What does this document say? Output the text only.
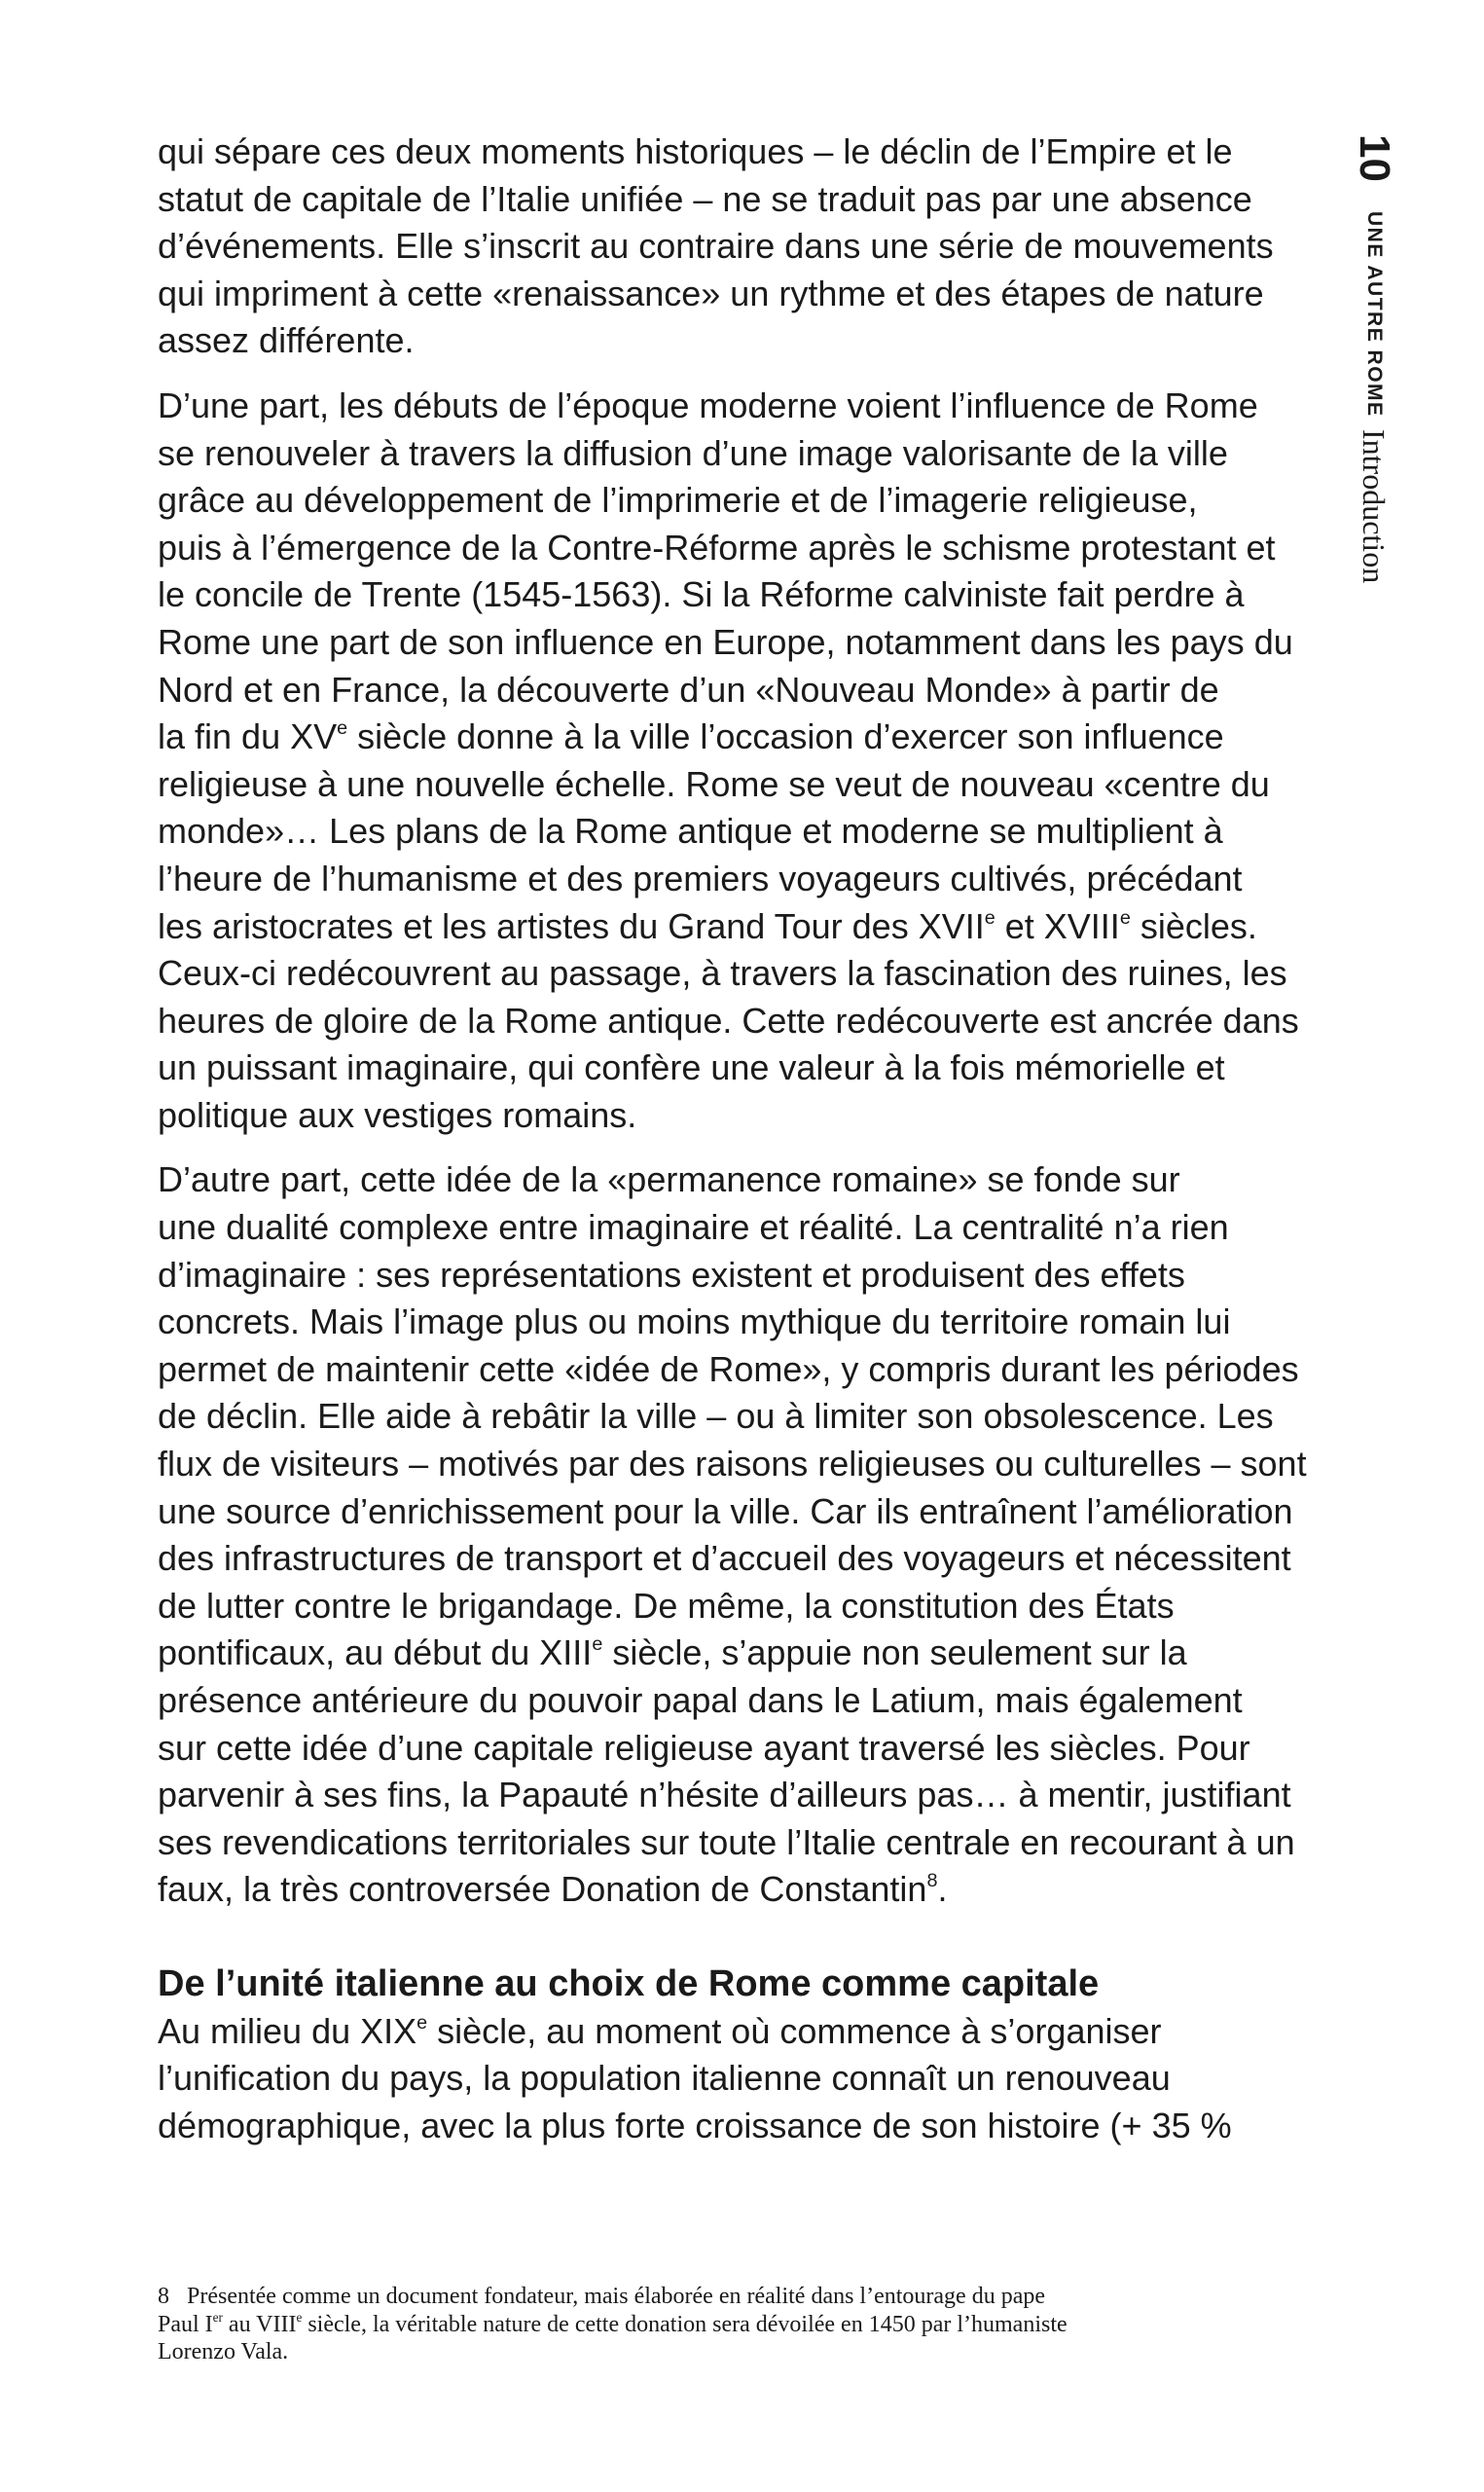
10UNE AUTRE ROMEIntroduction
qui sépare ces deux moments historiques – le déclin de l’Empire et le
statut de capitale de l’Italie unifiée – ne se traduit pas par une absence
d’événements. Elle s’inscrit au contraire dans une série de mouvements
qui impriment à cette «renaissance» un rythme et des étapes de nature
assez différente.
D’une part, les débuts de l’époque moderne voient l’influence de Rome
se renouveler à travers la diffusion d’une image valorisante de la ville
grâce au développement de l’imprimerie et de l’imagerie religieuse,
puis à l’émergence de la Contre-Réforme après le schisme protestant et
le concile de Trente (1545-1563). Si la Réforme calviniste fait perdre à
Rome une part de son influence en Europe, notamment dans les pays du
Nord et en France, la découverte d’un «Nouveau Monde» à partir de
la fin du XVe siècle donne à la ville l’occasion d’exercer son influence
religieuse à une nouvelle échelle. Rome se veut de nouveau «centre du
monde»… Les plans de la Rome antique et moderne se multiplient à
l’heure de l’humanisme et des premiers voyageurs cultivés, précédant
les aristocrates et les artistes du Grand Tour des XVIIe et XVIIIe siècles.
Ceux-ci redécouvrent au passage, à travers la fascination des ruines, les
heures de gloire de la Rome antique. Cette redécouverte est ancrée dans
un puissant imaginaire, qui confère une valeur à la fois mémorielle et
politique aux vestiges romains.
D’autre part, cette idée de la «permanence romaine» se fonde sur
une dualité complexe entre imaginaire et réalité. La centralité n’a rien
d’imaginaire : ses représentations existent et produisent des effets
concrets. Mais l’image plus ou moins mythique du territoire romain lui
permet de maintenir cette «idée de Rome», y compris durant les périodes
de déclin. Elle aide à rebâtir la ville – ou à limiter son obsolescence. Les
flux de visiteurs – motivés par des raisons religieuses ou culturelles – sont
une source d’enrichissement pour la ville. Car ils entraînent l’amélioration
des infrastructures de transport et d’accueil des voyageurs et nécessitent
de lutter contre le brigandage. De même, la constitution des États
pontificaux, au début du XIIIe siècle, s’appuie non seulement sur la
présence antérieure du pouvoir papal dans le Latium, mais également
sur cette idée d’une capitale religieuse ayant traversé les siècles. Pour
parvenir à ses fins, la Papauté n’hésite d’ailleurs pas… à mentir, justifiant
ses revendications territoriales sur toute l’Italie centrale en recourant à un
faux, la très controversée Donation de Constantin$^8$.
De l’unité italienne au choix de Rome comme capitale
Au milieu du XIXe siècle, au moment où commence à s’organiser
l’unification du pays, la population italienne connaît un renouveau
démographique, avec la plus forte croissance de son histoire (+ 35 %
8 Présentée comme un document fondateur, mais élaborée en réalité dans l’entourage du pape
Paul Ier au VIIIe siècle, la véritable nature de cette donation sera dévoilée en 1450 par l’humaniste
Lorenzo Vala.
